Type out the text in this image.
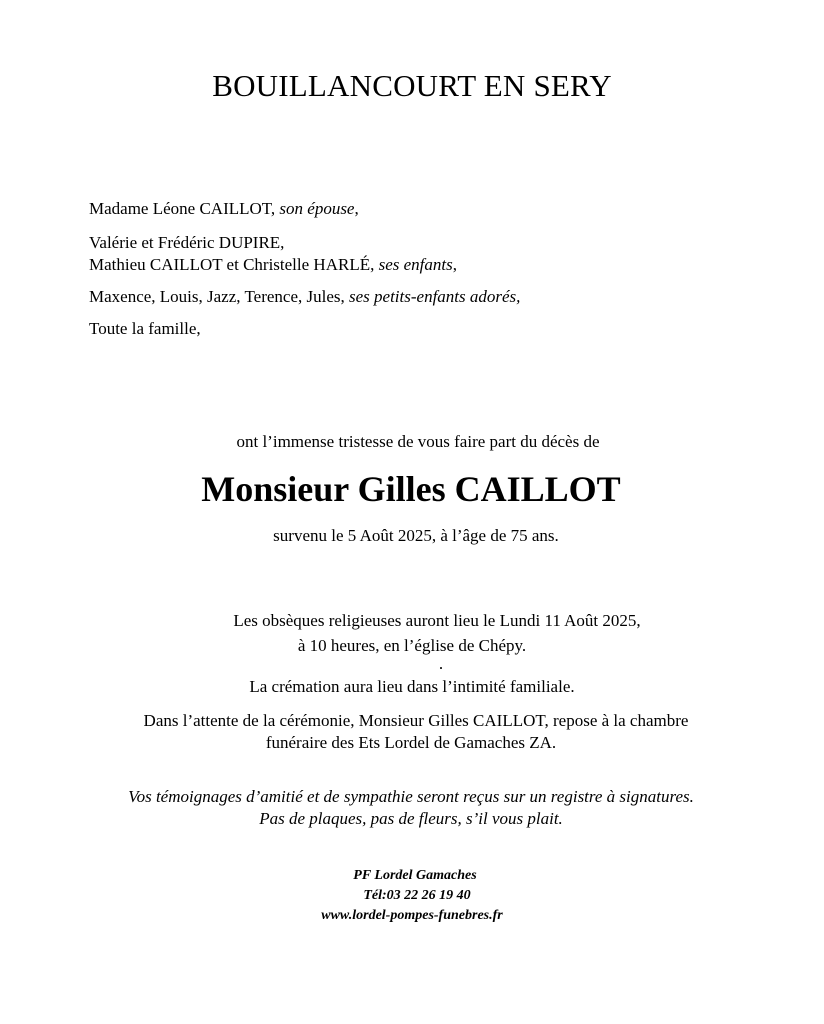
BOUILLANCOURT EN SERY
Madame Léone CAILLOT, son épouse,
Valérie et Frédéric DUPIRE,
Mathieu CAILLOT et Christelle HARLÉ, ses enfants,
Maxence, Louis, Jazz, Terence, Jules, ses petits-enfants adorés,
Toute la famille,
ont l’immense tristesse de vous faire part du décès de
Monsieur Gilles CAILLOT
survenu le 5 Août 2025, à l’âge de 75 ans.
Les obsèques religieuses auront lieu le Lundi 11 Août 2025,
à 10 heures, en l’église de Chépy.
.
La crémation aura lieu dans l’intimité familiale.
Dans l’attente de la cérémonie, Monsieur Gilles CAILLOT, repose à la chambre
funéraire des Ets Lordel de Gamaches ZA.
Vos témoignages d’amitié et de sympathie seront reçus sur un registre à signatures.
Pas de plaques, pas de fleurs, s’il vous plait.
PF Lordel Gamaches
Tél:03 22 26 19 40
www.lordel-pompes-funebres.fr
